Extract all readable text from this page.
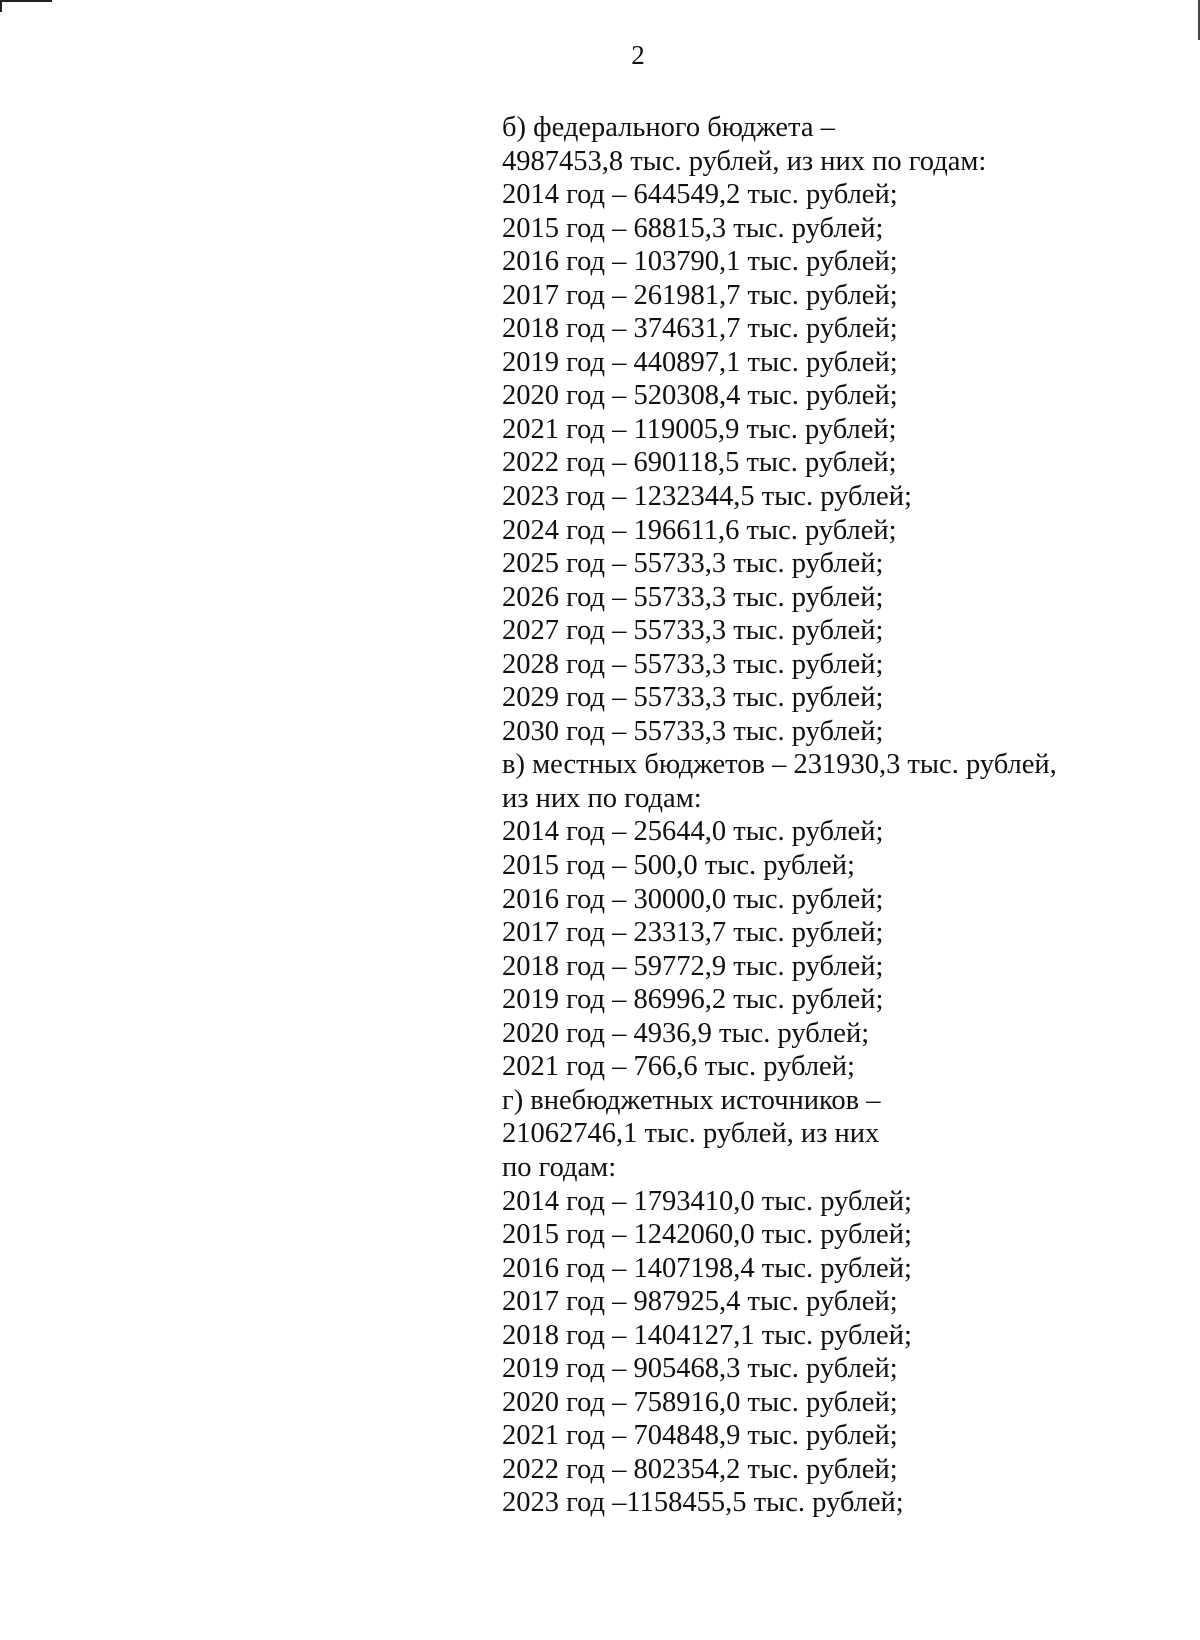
2
б) федерального бюджета –
4987453,8 тыс. рублей, из них по годам:
2014 год – 644549,2 тыс. рублей;
2015 год – 68815,3 тыс. рублей;
2016 год – 103790,1 тыс. рублей;
2017 год – 261981,7 тыс. рублей;
2018 год – 374631,7 тыс. рублей;
2019 год – 440897,1 тыс. рублей;
2020 год – 520308,4 тыс. рублей;
2021 год – 119005,9 тыс. рублей;
2022 год – 690118,5 тыс. рублей;
2023 год – 1232344,5 тыс. рублей;
2024 год – 196611,6 тыс. рублей;
2025 год – 55733,3 тыс. рублей;
2026 год – 55733,3 тыс. рублей;
2027 год – 55733,3 тыс. рублей;
2028 год – 55733,3 тыс. рублей;
2029 год – 55733,3 тыс. рублей;
2030 год – 55733,3 тыс. рублей;
в) местных бюджетов – 231930,3 тыс. рублей,
из них по годам:
2014 год – 25644,0 тыс. рублей;
2015 год – 500,0 тыс. рублей;
2016 год – 30000,0 тыс. рублей;
2017 год – 23313,7 тыс. рублей;
2018 год – 59772,9 тыс. рублей;
2019 год – 86996,2 тыс. рублей;
2020 год – 4936,9 тыс. рублей;
2021 год – 766,6 тыс. рублей;
г) внебюджетных источников –
21062746,1 тыс. рублей, из них
по годам:
2014 год – 1793410,0 тыс. рублей;
2015 год – 1242060,0 тыс. рублей;
2016 год – 1407198,4 тыс. рублей;
2017 год – 987925,4 тыс. рублей;
2018 год – 1404127,1 тыс. рублей;
2019 год – 905468,3 тыс. рублей;
2020 год – 758916,0 тыс. рублей;
2021 год – 704848,9 тыс. рублей;
2022 год – 802354,2 тыс. рублей;
2023 год –1158455,5 тыс. рублей;
